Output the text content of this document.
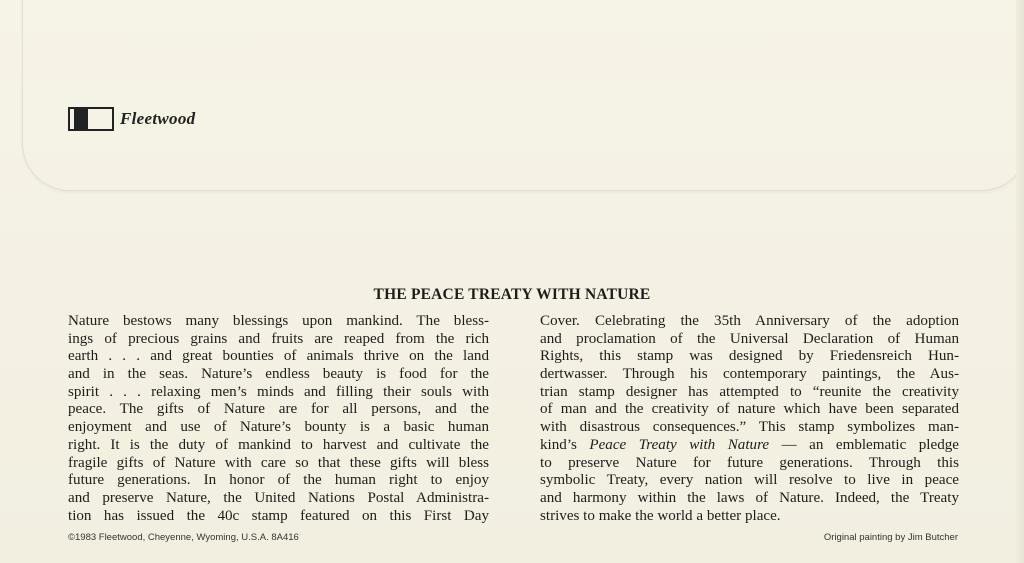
Fleetwood
THE PEACE TREATY WITH NATURE
Nature bestows many blessings upon mankind. The bless-
ings of precious grains and fruits are reaped from the rich
earth . . . and great bounties of animals thrive on the land
and in the seas. Nature’s endless beauty is food for the
spirit . . . relaxing men’s minds and filling their souls with
peace. The gifts of Nature are for all persons, and the
enjoyment and use of Nature’s bounty is a basic human
right. It is the duty of mankind to harvest and cultivate the
fragile gifts of Nature with care so that these gifts will bless
future generations. In honor of the human right to enjoy
and preserve Nature, the United Nations Postal Administra-
tion has issued the 40c stamp featured on this First Day
Cover. Celebrating the 35th Anniversary of the adoption
and proclamation of the Universal Declaration of Human
Rights, this stamp was designed by Friedensreich Hun-
dertwasser. Through his contemporary paintings, the Aus-
trian stamp designer has attempted to “reunite the creativity
of man and the creativity of nature which have been separated
with disastrous consequences.” This stamp symbolizes man-
kind’s Peace Treaty with Nature — an emblematic pledge
to preserve Nature for future generations. Through this
symbolic Treaty, every nation will resolve to live in peace
and harmony within the laws of Nature. Indeed, the Treaty
strives to make the world a better place.
©1983 Fleetwood, Cheyenne, Wyoming, U.S.A. 8A416	Original painting by Jim Butcher
